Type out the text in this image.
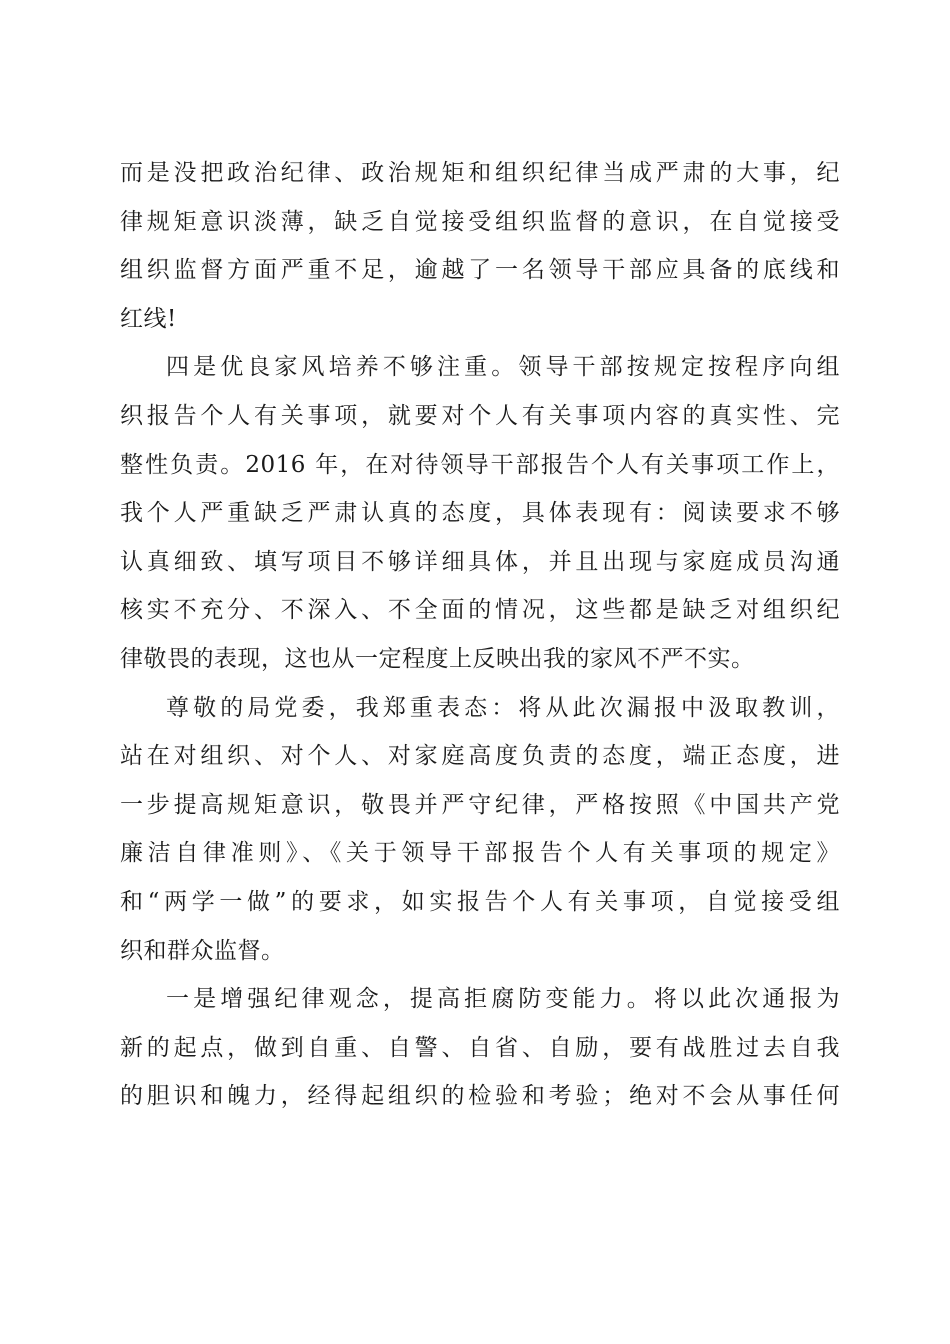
而是没把政治纪律、政治规矩和组织纪律当成严肃的大事，纪
律规矩意识淡薄，缺乏自觉接受组织监督的意识，在自觉接受
组织监督方面严重不足，逾越了一名领导干部应具备的底线和
红线!
四是优良家风培养不够注重。领导干部按规定按程序向组
织报告个人有关事项，就要对个人有关事项内容的真实性、完
整性负责。2016 年，在对待领导干部报告个人有关事项工作上，
我个人严重缺乏严肃认真的态度，具体表现有：阅读要求不够
认真细致、填写项目不够详细具体，并且出现与家庭成员沟通
核实不充分、不深入、不全面的情况，这些都是缺乏对组织纪
律敬畏的表现，这也从一定程度上反映出我的家风不严不实。
尊敬的局党委，我郑重表态：将从此次漏报中汲取教训，
站在对组织、对个人、对家庭高度负责的态度，端正态度，进
一步提高规矩意识，敬畏并严守纪律，严格按照《中国共产党
廉洁自律准则》、《关于领导干部报告个人有关事项的规定》
和“两学一做”的要求，如实报告个人有关事项，自觉接受组
织和群众监督。
一是增强纪律观念，提高拒腐防变能力。将以此次通报为
新的起点，做到自重、自警、自省、自励，要有战胜过去自我
的胆识和魄力，经得起组织的检验和考验；绝对不会从事任何
